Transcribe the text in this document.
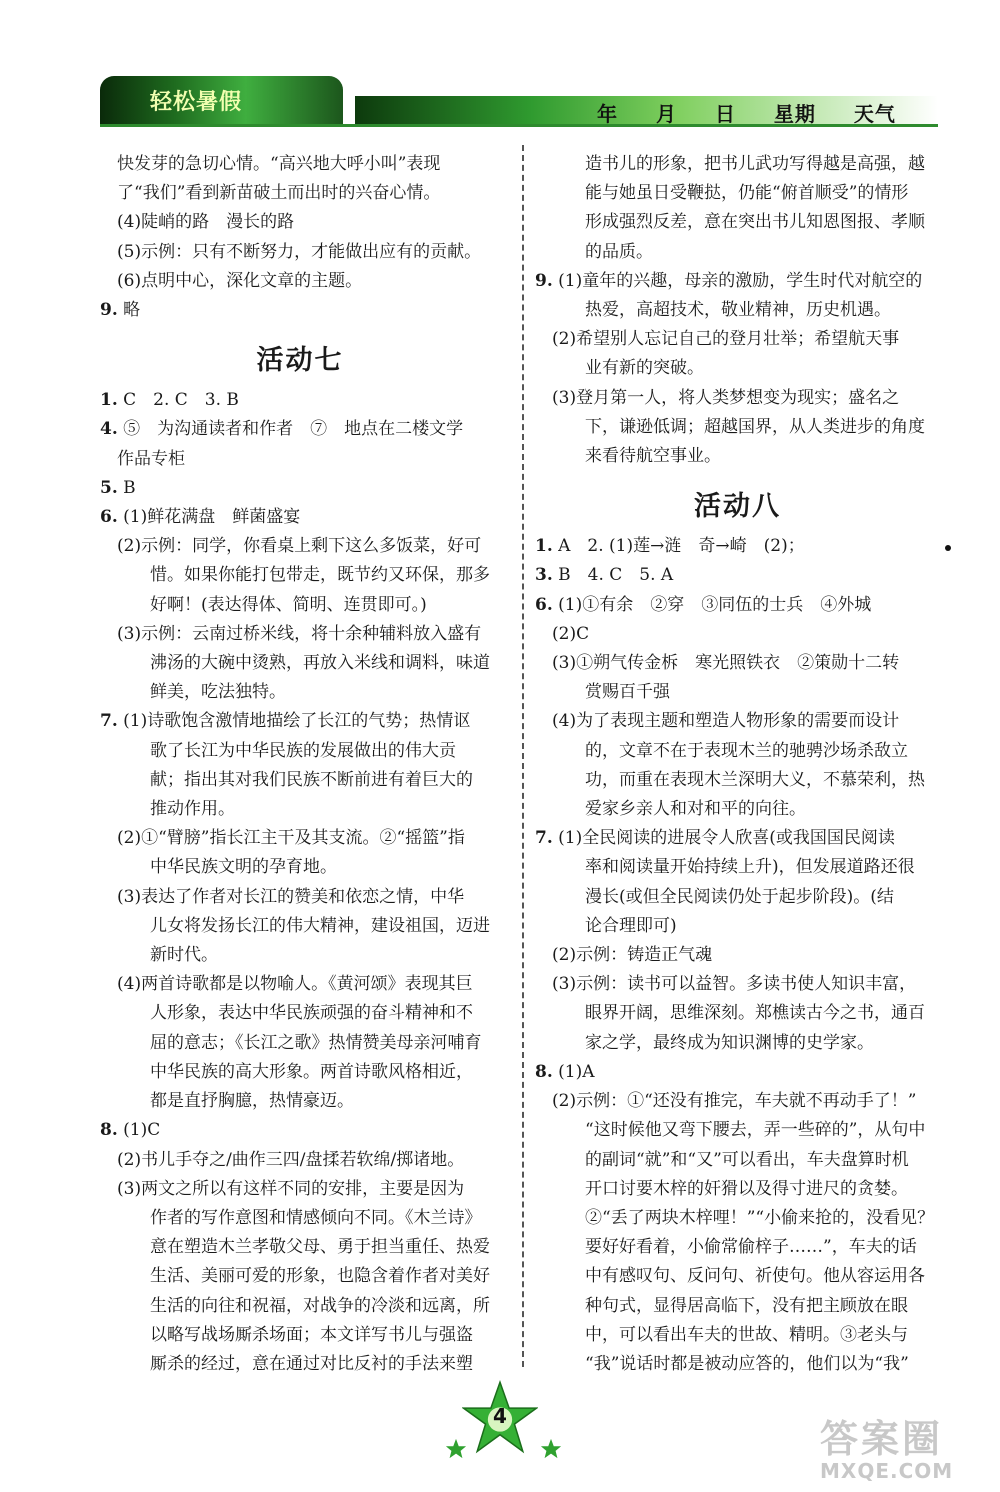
轻松暑假	年 月 日 星期 天气
快发芽的急切心情。“高兴地大呼小叫”表现
了“我们”看到新苗破土而出时的兴奋心情。
(4)陡峭的路　漫长的路
(5)示例：只有不断努力，才能做出应有的贡献。
(6)点明中心，深化文章的主题。
9. 略
活动七
1. C　2. C　3. B
4. ⑤　为沟通读者和作者　⑦　地点在二楼文学
作品专柜
5. B
6. (1)鲜花满盘　鲜菌盛宴
(2)示例：同学，你看桌上剩下这么多饭菜，好可
惜。如果你能打包带走，既节约又环保，那多
好啊！(表达得体、简明、连贯即可。)
(3)示例：云南过桥米线，将十余种辅料放入盛有
沸汤的大碗中烫熟，再放入米线和调料，味道
鲜美，吃法独特。
7. (1)诗歌饱含激情地描绘了长江的气势；热情讴
歌了长江为中华民族的发展做出的伟大贡
献；指出其对我们民族不断前进有着巨大的
推动作用。
(2)①“臂膀”指长江主干及其支流。②“摇篮”指
中华民族文明的孕育地。
(3)表达了作者对长江的赞美和依恋之情，中华
儿女将发扬长江的伟大精神，建设祖国，迈进
新时代。
(4)两首诗歌都是以物喻人。《黄河颂》表现其巨
人形象，表达中华民族顽强的奋斗精神和不
屈的意志；《长江之歌》热情赞美母亲河哺育
中华民族的高大形象。两首诗歌风格相近，
都是直抒胸臆，热情豪迈。
8. (1)C
(2)书儿手夺之/曲作三四/盘揉若软绵/掷诸地。
(3)两文之所以有这样不同的安排，主要是因为
作者的写作意图和情感倾向不同。《木兰诗》
意在塑造木兰孝敬父母、勇于担当重任、热爱
生活、美丽可爱的形象，也隐含着作者对美好
生活的向往和祝福，对战争的冷淡和远离，所
以略写战场厮杀场面；本文详写书儿与强盗
厮杀的经过，意在通过对比反衬的手法来塑
造书儿的形象，把书儿武功写得越是高强，越
能与她虽日受鞭挞，仍能“俯首顺受”的情形
形成强烈反差，意在突出书儿知恩图报、孝顺
的品质。
9. (1)童年的兴趣，母亲的激励，学生时代对航空的
热爱，高超技术，敬业精神，历史机遇。
(2)希望别人忘记自己的登月壮举；希望航天事
业有新的突破。
(3)登月第一人，将人类梦想变为现实；盛名之
下，谦逊低调；超越国界，从人类进步的角度
来看待航空事业。
活动八
1. A　2. (1)莲→涟　奇→崎　(2)；
3. B　4. C　5. A
6. (1)①有余　②穿　③同伍的士兵　④外城
(2)C
(3)①朔气传金柝　寒光照铁衣　②策勋十二转
赏赐百千强
(4)为了表现主题和塑造人物形象的需要而设计
的，文章不在于表现木兰的驰骋沙场杀敌立
功，而重在表现木兰深明大义，不慕荣利，热
爱家乡亲人和对和平的向往。
7. (1)全民阅读的进展令人欣喜(或我国国民阅读
率和阅读量开始持续上升)，但发展道路还很
漫长(或但全民阅读仍处于起步阶段)。(结
论合理即可)
(2)示例：铸造正气魂
(3)示例：读书可以益智。多读书使人知识丰富，
眼界开阔，思维深刻。郑樵读古今之书，通百
家之学，最终成为知识渊博的史学家。
8. (1)A
(2)示例：①“还没有推完，车夫就不再动手了！”
“这时候他又弯下腰去，弄一些碎的”，从句中
的副词“就”和“又”可以看出，车夫盘算时机
开口讨要木梓的奸猾以及得寸进尺的贪婪。
②“丢了两块木梓哩！”“小偷来抢的，没看见？
要好好看着，小偷常偷梓子……”，车夫的话
中有感叹句、反问句、祈使句。他从容运用各
种句式，显得居高临下，没有把主顾放在眼
中，可以看出车夫的世故、精明。③老头与
“我”说话时都是被动应答的，他们以为“我”
4
答案圈
MXQE.COM
